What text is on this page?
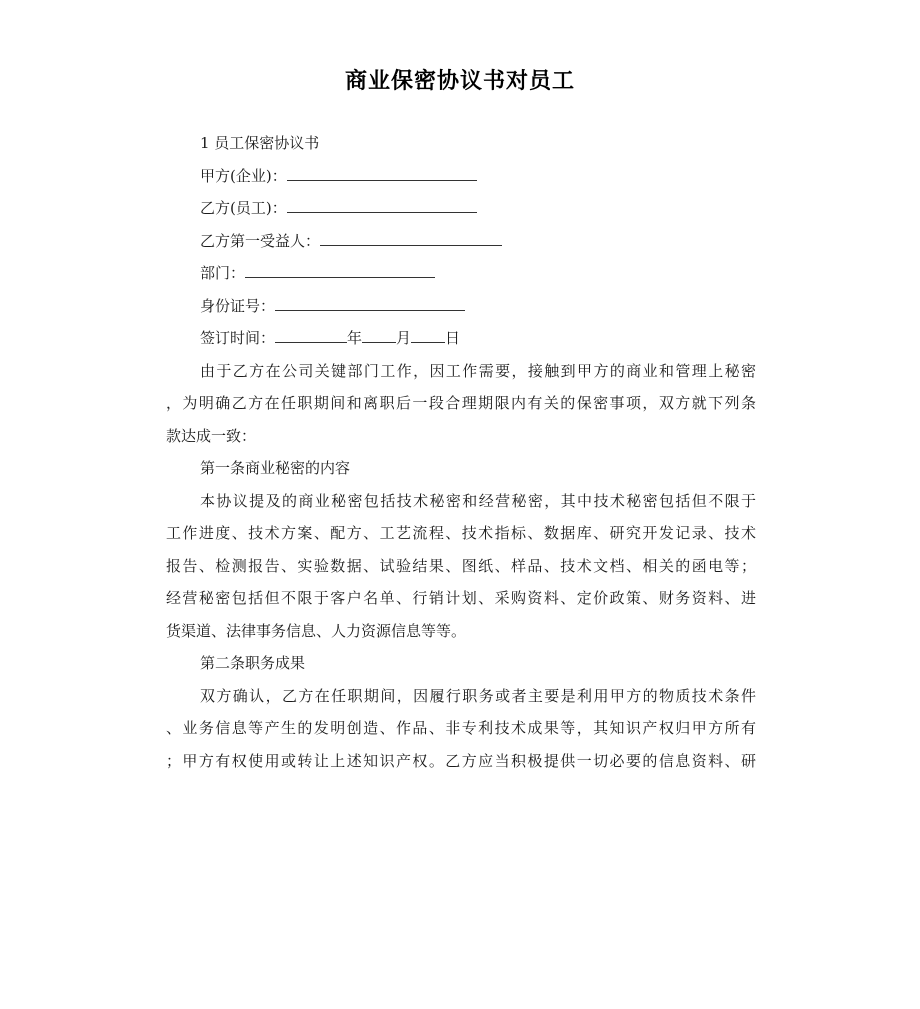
商业保密协议书对员工
1 员工保密协议书
甲方(企业)：
乙方(员工)：
乙方第一受益人：
部门：
身份证号：
签订时间：	年 月 日
由于乙方在公司关键部门工作，因工作需要，接触到甲方的商业和管理上秘密
，为明确乙方在任职期间和离职后一段合理期限内有关的保密事项，双方就下列条
款达成一致：
第一条商业秘密的内容
本协议提及的商业秘密包括技术秘密和经营秘密，其中技术秘密包括但不限于
工作进度、技术方案、配方、工艺流程、技术指标、数据库、研究开发记录、技术
报告、检测报告、实验数据、试验结果、图纸、样品、技术文档、相关的函电等；
经营秘密包括但不限于客户名单、行销计划、采购资料、定价政策、财务资料、进
货渠道、法律事务信息、人力资源信息等等。
第二条职务成果
双方确认，乙方在任职期间，因履行职务或者主要是利用甲方的物质技术条件
、业务信息等产生的发明创造、作品、非专利技术成果等，其知识产权归甲方所有
；甲方有权使用或转让上述知识产权。乙方应当积极提供一切必要的信息资料、研
